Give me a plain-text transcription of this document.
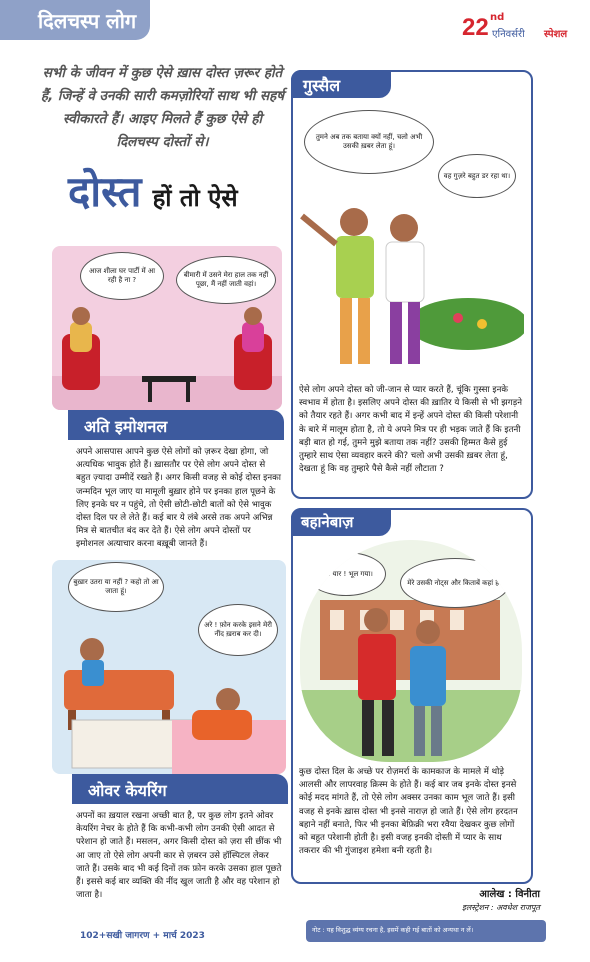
दिलचस्प लोग	22 nd
एनिवर्सरी स्पेशल
सभी के जीवन में कुछ ऐसे ख़ास दोस्त ज़रूर होते हैं, जिन्हें वे उनकी सारी कमज़ोरियों साथ भी सहर्ष स्वीकारते हैं। आइए मिलते हैं कुछ ऐसे ही दिलचस्प दोस्तों से।
दोस्त हों तो ऐसे
आज शीला घर पार्टी में आ रही है ना ?
बीमारी में उसने मेरा हाल तक नहीं पूछा, मैं नहीं जाती वहां।
अति इमोशनल
अपने आसपास आपने कुछ ऐसे लोगों को ज़रूर देखा होगा, जो अत्यधिक भावुक होते हैं। ख़ासतौर पर ऐसे लोग अपने दोस्त से बहुत ज़्यादा उम्मीदें रखते हैं। अगर किसी वजह से कोई दोस्त इनका जन्मदिन भूल जाए या मामूली बुख़ार होने पर इनका हाल पूछने के लिए इनके घर न पहुंचे, तो ऐसी छोटी-छोटी बातों को ऐसे भावुक दोस्त दिल पर ले लेते हैं। कई बार ये लंबे अरसे तक अपने अभिन्न मित्र से बातचीत बंद कर देते हैं। ऐसे लोग अपने दोस्तों पर इमोशनल अत्याचार करना बख़ूबी जानते हैं।
बुख़ार उतरा या नहीं ? कहो तो आ जाता हूं।
अरे ! फ़ोन करके इसने मेरी नींद ख़राब कर दी।
ओवर केयरिंग
अपनों का ख़याल रखना अच्छी बात है, पर कुछ लोग इतने ओवर केयरिंग नेचर के होते हैं कि कभी-कभी लोग उनकी ऐसी आदत से परेशान हो जाते हैं। मसलन, अगर किसी दोस्त को ज़रा सी छींक भी आ जाए तो ऐसे लोग अपनी कार से ज़बरन उसे हॉस्पिटल लेकर जाते हैं। उसके बाद भी कई दिनों तक फ़ोन करके उसका हाल पूछते हैं। इससे कई बार व्यक्ति की नींद खुल जाती है और वह परेशान हो जाता है।
गुस्सैल
तुमने अब तक बताया क्यों नहीं, चलो अभी उसकी ख़बर लेता हूं।
वह गुज़रे बहुत डर रहा था।
ऐसे लोग अपने दोस्त को जी-जान से प्यार करते हैं, चूंकि गुस्सा इनके स्वभाव में होता है। इसलिए अपने दोस्त की ख़ातिर ये किसी से भी झगड़ने को तैयार रहते हैं। अगर कभी बाद में इन्हें अपने दोस्त की किसी परेशानी के बारे में मालूम होता है, तो ये अपने मित्र पर ही भड़क जाते हैं कि इतनी बड़ी बात हो गई, तुमने मुझे बताया तक नहीं? उसकी हिम्मत कैसे हुई तुम्हारे साथ ऐसा व्यवहार करने की? चलो अभी उसकी ख़बर लेता हूं, देखता हूं कि वह तुम्हारे पैसे कैसे नहीं लौटाता ?
बहानेबाज़
सॉरी यार ! भूल गया।
मेरे उसकी नोट्स और किताबें कहां हैं?
कुछ दोस्त दिल के अच्छे पर रोज़मर्रा के कामकाज के मामले में थोड़े आलसी और लापरवाह क़िस्म के होते हैं। कई बार जब इनके दोस्त इनसे कोई मदद मांगते हैं, तो ऐसे लोग अक्सर उनका काम भूल जाते हैं। इसी वजह से इनके ख़ास दोस्त भी इनसे नाराज़ हो जाते हैं। ऐसे लोग हरदतन बहाने नहीं बनाते, फिर भी इनका बेफ़िक्री भरा रवैया देखकर कुछ लोगों को बहुत परेशानी होती है। इसी वजह इनकी दोस्ती में प्यार के साथ तकरार की भी गुंजाइश हमेशा बनी रहती है।
आलेख : विनीता
इलस्ट्रेशन : अवधेश राजपूत
102+सखी जागरण + मार्च 2023
नोट : यह विशुद्ध व्यंग्य रचना है, इसमें कही गई बातों को अन्यथा न लें।
